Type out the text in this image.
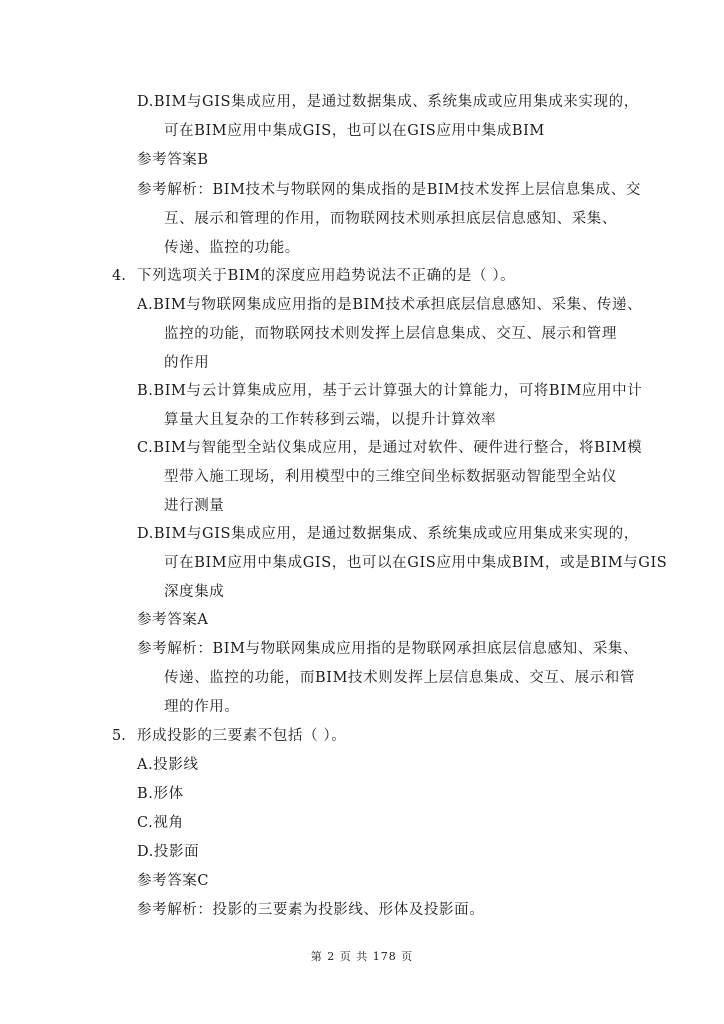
D.BIM与GIS集成应用，是通过数据集成、系统集成或应用集成来实现的，
可在BIM应用中集成GIS，也可以在GIS应用中集成BIM
参考答案B
参考解析：BIM技术与物联网的集成指的是BIM技术发挥上层信息集成、交
互、展示和管理的作用，而物联网技术则承担底层信息感知、采集、
传递、监控的功能。
4. 下列选项关于BIM的深度应用趋势说法不正确的是（ ）。
A.BIM与物联网集成应用指的是BIM技术承担底层信息感知、采集、传递、
监控的功能，而物联网技术则发挥上层信息集成、交互、展示和管理
的作用
B.BIM与云计算集成应用，基于云计算强大的计算能力，可将BIM应用中计
算量大且复杂的工作转移到云端，以提升计算效率
C.BIM与智能型全站仪集成应用，是通过对软件、硬件进行整合，将BIM模
型带入施工现场，利用模型中的三维空间坐标数据驱动智能型全站仪
进行测量
D.BIM与GIS集成应用，是通过数据集成、系统集成或应用集成来实现的，
可在BIM应用中集成GIS，也可以在GIS应用中集成BIM，或是BIM与GIS
深度集成
参考答案A
参考解析：BIM与物联网集成应用指的是物联网承担底层信息感知、采集、
传递、监控的功能，而BIM技术则发挥上层信息集成、交互、展示和管
理的作用。
5. 形成投影的三要素不包括（ ）。
A.投影线
B.形体
C.视角
D.投影面
参考答案C
参考解析：投影的三要素为投影线、形体及投影面。
第 2 页 共 178 页
